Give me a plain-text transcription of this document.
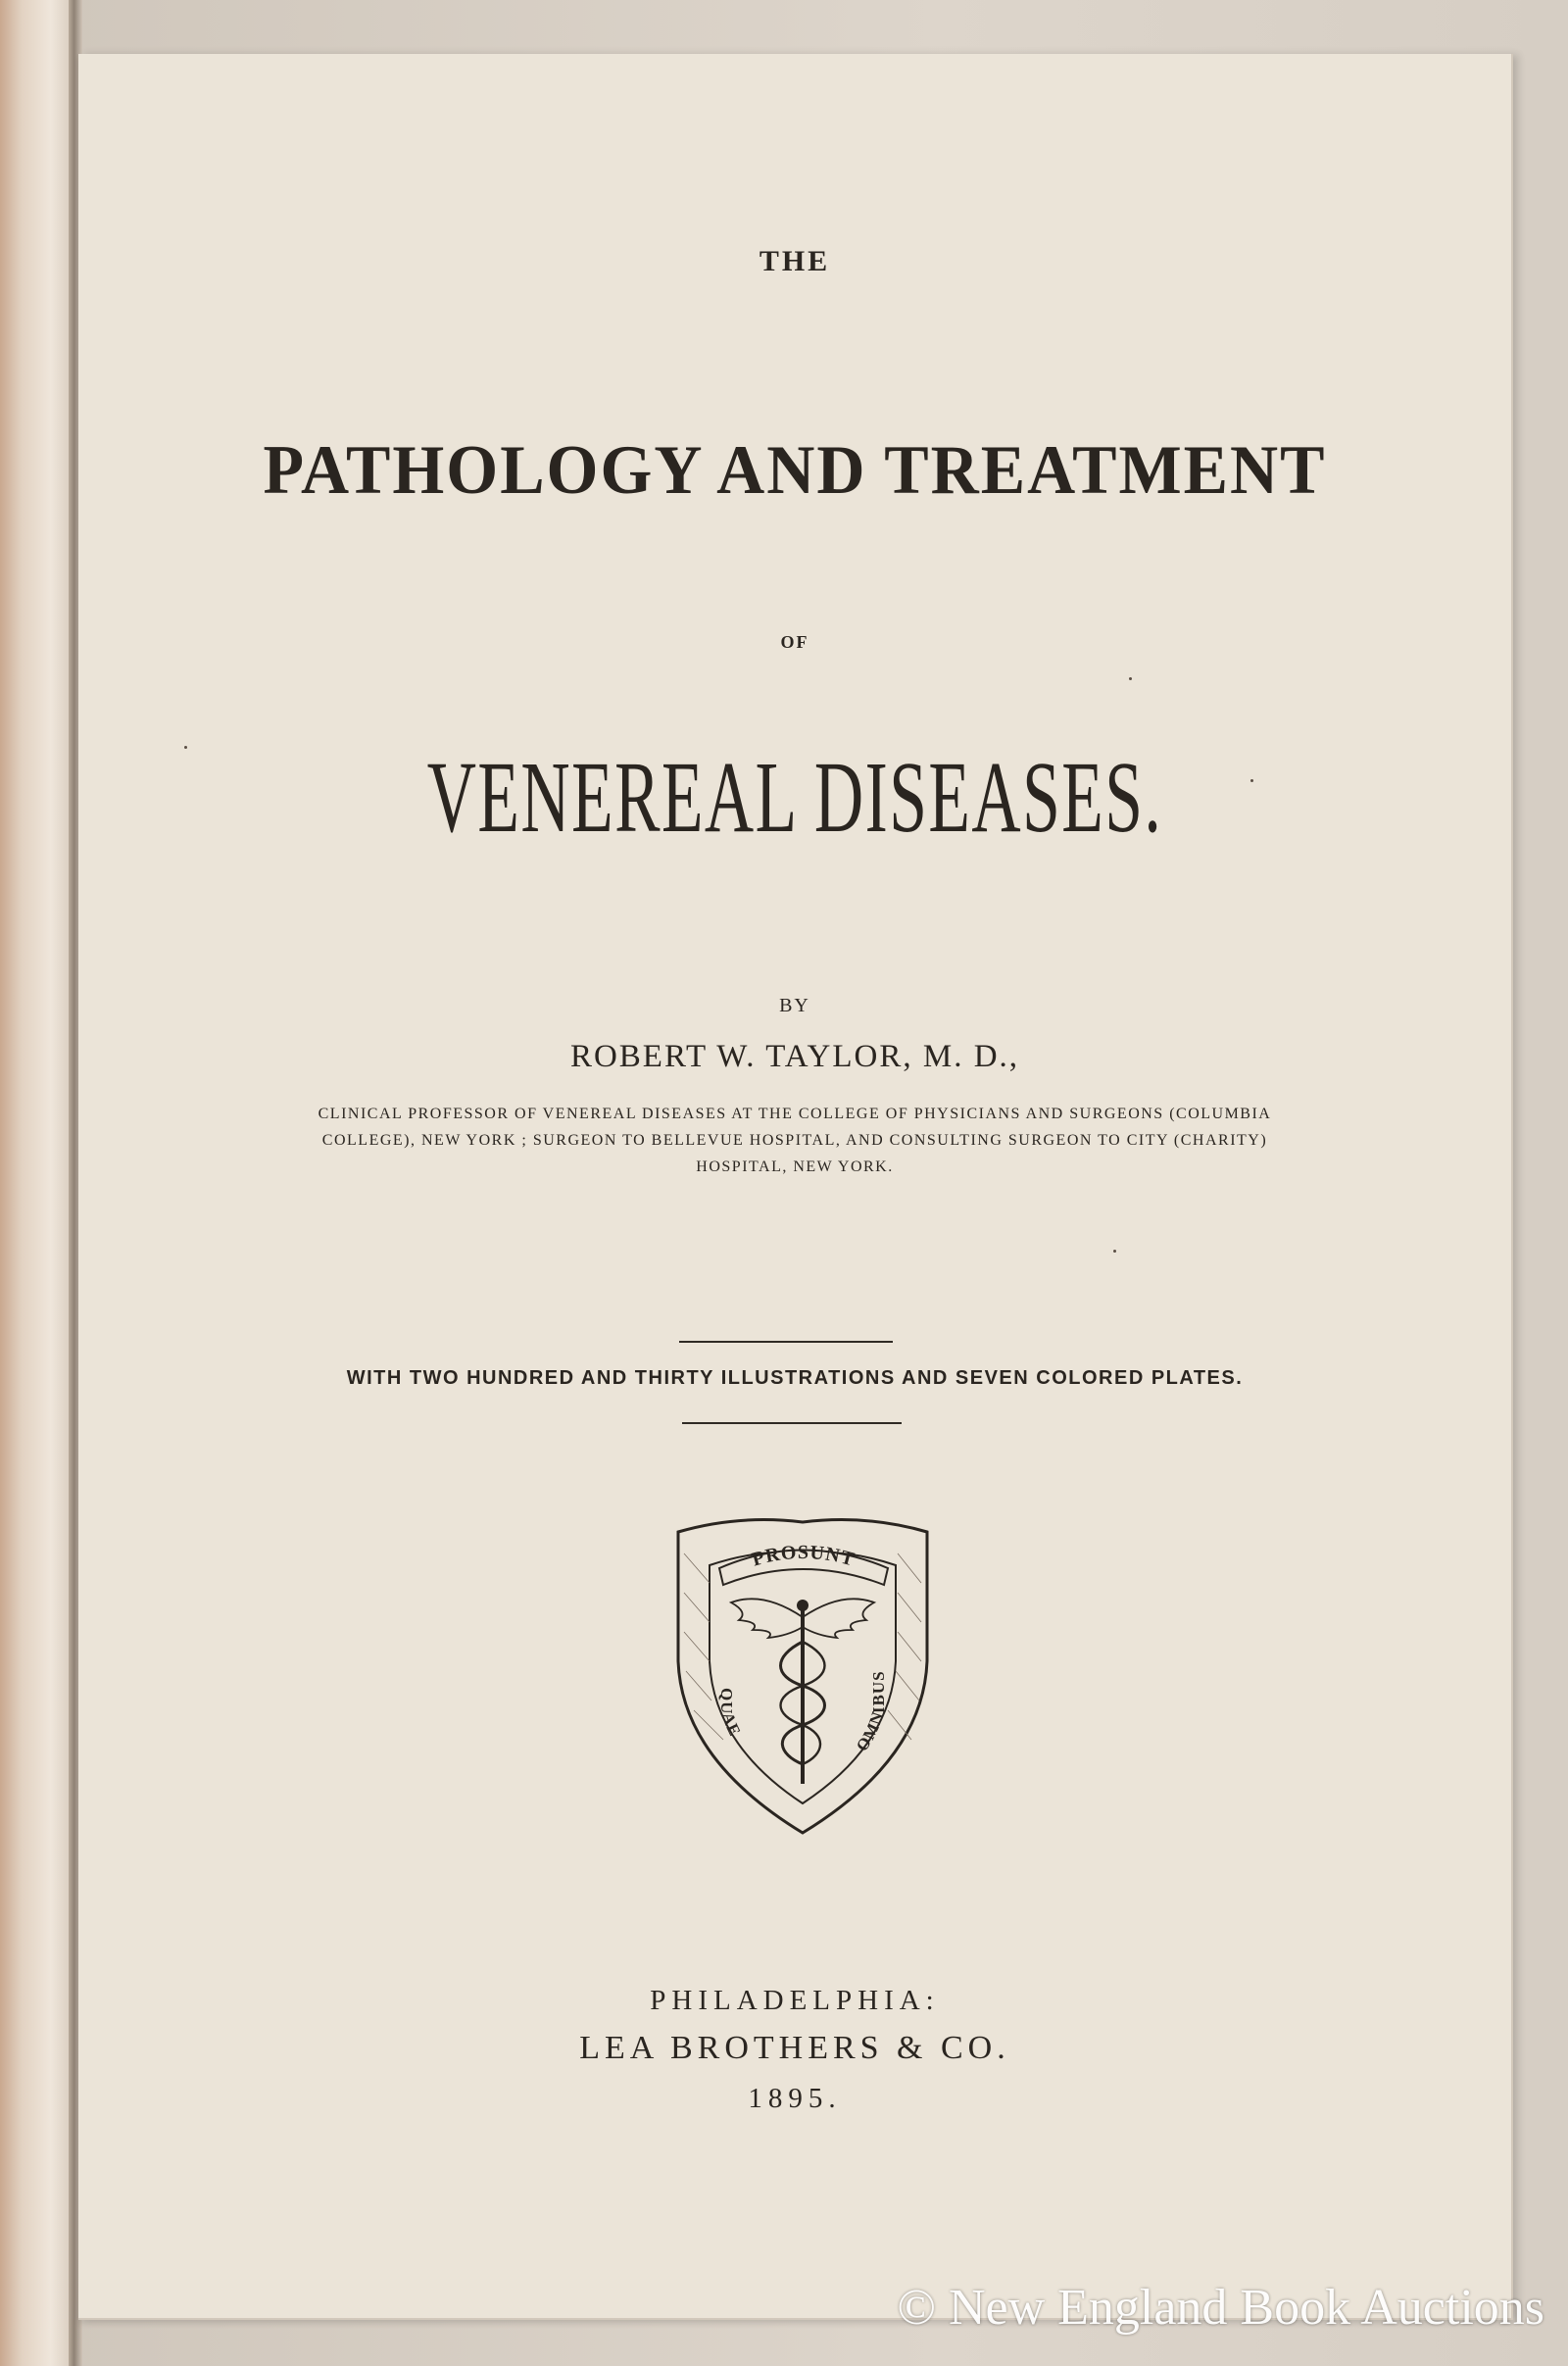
THE

PATHOLOGY AND TREATMENT

OF

VENEREAL DISEASES.

BY

ROBERT W. TAYLOR, M. D.,

CLINICAL PROFESSOR OF VENEREAL DISEASES AT THE COLLEGE OF PHYSICIANS AND SURGEONS (COLUMBIA COLLEGE), NEW YORK ; SURGEON TO BELLEVUE HOSPITAL, AND CONSULTING SURGEON TO CITY (CHARITY) HOSPITAL, NEW YORK.

WITH TWO HUNDRED AND THIRTY ILLUSTRATIONS AND SEVEN COLORED PLATES.

PROSUNT
QUAE
OMNIBUS

PHILADELPHIA:

LEA BROTHERS & CO.

1895.

© New England Book Auctions
